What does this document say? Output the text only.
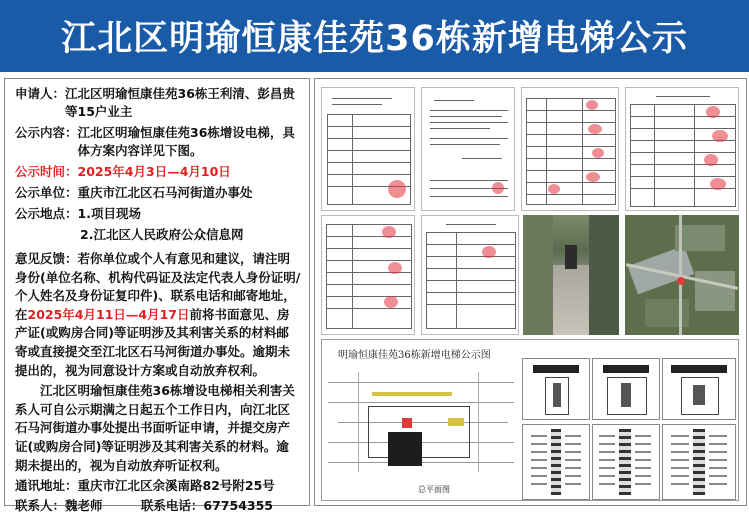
江北区明瑜恒康佳苑36栋新增电梯公示
申请人： 江北区明瑜恒康佳苑36栋王利清、彭昌贵
等15户业主
公示内容： 江北区明瑜恒康佳苑36栋增设电梯，具
体方案内容详见下图。
公示时间： 2025年4月3日—4月10日
公示单位： 重庆市江北区石马河街道办事处
公示地点： 1.项目现场
2.江北区人民政府公众信息网
意见反馈：若你单位或个人有意见和建议，请注明身份(单位名称、机构代码证及法定代表人身份证明/个人姓名及身份证复印件)、联系电话和邮寄地址，在2025年4月11日—4月17日前将书面意见、房产证(或购房合同)等证明涉及其利害关系的材料邮寄或直接提交至江北区石马河街道办事处。逾期未提出的，视为同意设计方案或自动放弃权利。
江北区明瑜恒康佳苑36栋增设电梯相关利害关系人可自公示期满之日起五个工作日内，向江北区石马河街道办事处提出书面听证申请，并提交房产证(或购房合同)等证明涉及其利害关系的材料。逾期未提出的，视为自动放弃听证权利。
通讯地址： 重庆市江北区余溪南路82号附25号
联系人：魏老师	联系电话：67754355
明瑜恒康佳苑36栋新增电梯公示图
总平面图
